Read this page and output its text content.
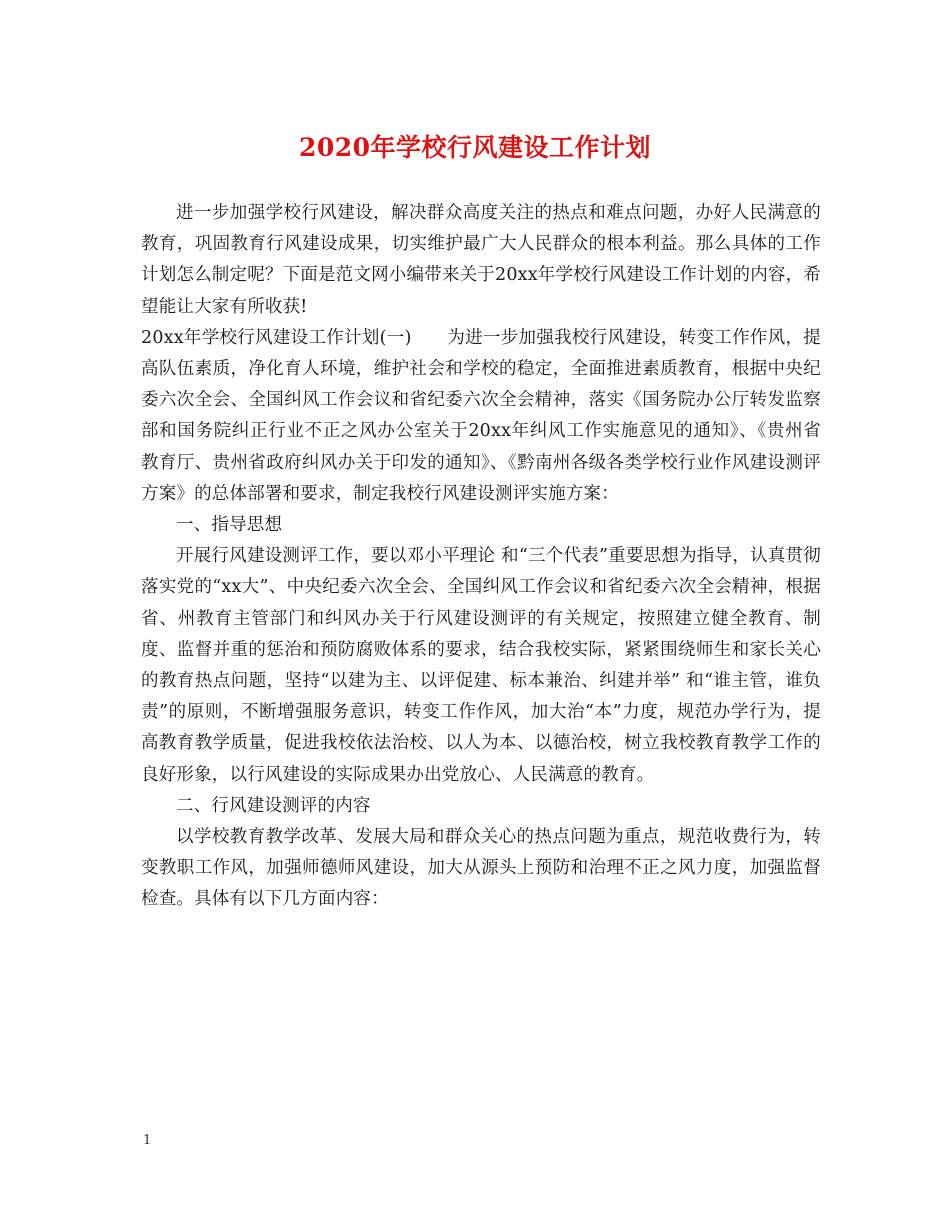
2020年学校行风建设工作计划

进一步加强学校行风建设，解决群众高度关注的热点和难点问题，办好人民满意的教育，巩固教育行风建设成果，切实维护最广大人民群众的根本利益。那么具体的工作计划怎么制定呢？下面是范文网小编带来关于20xx年学校行风建设工作计划的内容，希望能让大家有所收获!

20xx年学校行风建设工作计划(一)　　为进一步加强我校行风建设，转变工作作风，提高队伍素质，净化育人环境，维护社会和学校的稳定，全面推进素质教育，根据中央纪委六次全会、全国纠风工作会议和省纪委六次全会精神，落实《国务院办公厅转发监察部和国务院纠正行业不正之风办公室关于20xx年纠风工作实施意见的通知》、《贵州省教育厅、贵州省政府纠风办关于印发的通知》、《黔南州各级各类学校行业作风建设测评方案》的总体部署和要求，制定我校行风建设测评实施方案：

一、指导思想

开展行风建设测评工作，要以邓小平理论 和“三个代表”重要思想为指导，认真贯彻落实党的“xx大”、中央纪委六次全会、全国纠风工作会议和省纪委六次全会精神，根据省、州教育主管部门和纠风办关于行风建设测评的有关规定，按照建立健全教育、制度、监督并重的惩治和预防腐败体系的要求，结合我校实际，紧紧围绕师生和家长关心的教育热点问题，坚持“以建为主、以评促建、标本兼治、纠建并举” 和“谁主管，谁负责”的原则，不断增强服务意识，转变工作作风，加大治“本”力度，规范办学行为，提高教育教学质量，促进我校依法治校、以人为本、以德治校，树立我校教育教学工作的良好形象，以行风建设的实际成果办出党放心、人民满意的教育。

二、行风建设测评的内容

以学校教育教学改革、发展大局和群众关心的热点问题为重点，规范收费行为，转变教职工作风，加强师德师风建设，加大从源头上预防和治理不正之风力度，加强监督检查。具体有以下几方面内容：

1
